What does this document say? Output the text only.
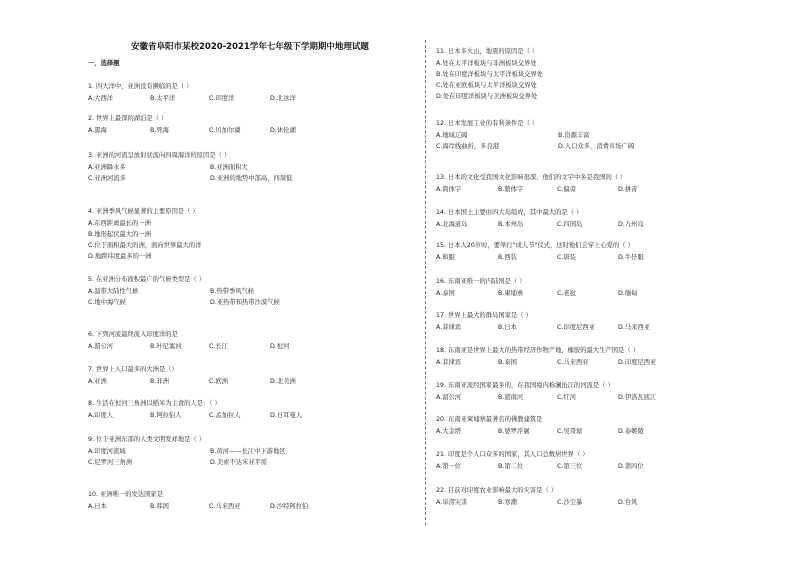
安徽省阜阳市某校2020-2021学年七年级下学期期中地理试题
一、选择题
1. 四大洋中，亚洲没有濒临的是（ ）
A.大西洋	B.太平洋	C.印度洋	D.北冰洋
2. 世界上最深的湖泊是（ ）
A.黑海	B.死海	C.贝加尔湖	D.休伦湖
3. 亚洲的河流呈放射状流向四周海洋的原因是（ ）
A.亚洲降水多	B.亚洲面积大
C.亚洲河流多	D.亚洲的地势中部高，四周低
4. 亚洲季风气候显著的主要原因是（ ）
A.东西距离最长的一洲
B.地形起伏最大的一洲
C.位于面积最大的洲，面向世界最大的洋
D.地跨纬度最多的一洲
5. 在亚洲分布面积最广的气候类型是（ ）
A.温带大陆性气候	B.热带季风气候
C.地中海气候	D.亚热带和热带沙漠气候
6. 下列河流最终流入印度洋的是
A.湄公河	B.叶尼塞河	C.长江	D.恒河
7. 世界上人口最多的大洲是（）
A.亚洲	B.非洲	C.欧洲	D.北美洲
8. 生活在恒河三角洲以稻米为主食的人是：（ ）
A.印度人	B.阿拉伯人	C.孟加拉人	D.日耳曼人
9. 位于亚洲东部的人类文明发祥地是（ ）
A.印度河流域	B.黄河——长江中下游地区
C.尼罗河三角洲	D.美索不达米亚平原
10. 亚洲唯一的发达国家是
A.日本	B.韩国	C.马来西亚	D.沙特阿拉伯
11. 日本多火山，地震的原因是（ ）
A.处在太平洋板块与非洲板块交界处
B.处在印度洋板块与太平洋板块交界处
C.处在亚欧板块与太平洋板块交界处
D.处在印度洋板块与美洲板块交界处
12. 日本发展工业的有利条件是（ ）
A.地域辽阔	B.资源丰富
C.海岸线曲折，多良港	D.人口众多，消费市场广阔
13. 日本的文化受我国文化影响很深，他们的文字中多是我国的（ ）
A.简体字	B.繁体字	C.偏旁	D.拼音
14. 日本国土主要由四大岛组成，其中最大的是（ ）
A.北海道岛	B.本州岛	C.四国岛	D.九州岛
15. 日本人20岁时，要举行"成人节"仪式，这时他们会穿上心爱的（ ）
A.和服	B.西装	C.唐装	D.牛仔服
16. 东南亚唯一的内陆国是（ ）
A.泰国	B.柬埔寨	C.老挝	D.缅甸
17. 世界上最大的群岛国家是（ ）
A.菲律宾	B.日本	C.印度尼西亚	D.马来西亚
18. 东南亚是世界上最大的热带经济作物产地，橡胶的最大生产国是（ ）
A.菲律宾	B.泰国	C.马来西亚	D.印度尼西亚
19. 东南亚流经国家最多的，在我国境内称澜沧江的河流是（ ）
A.湄公河	B.湄南河	C.红河	D.伊洛瓦底江
20. 东南亚柬埔寨最著名的佛教建筑是
A.大金塔	B.婆罗浮屠	C.吴哥窟	D.泰姬陵
21. 印度是个人口众多的国家，其人口总数居世界（ ）
A.第一位	B.第二位	C.第三位	D.第四位
22. 目前对印度农业影响最大的灾害是（ ）
A.旱涝灾害	B.寒潮	C.沙尘暴	D.台风
